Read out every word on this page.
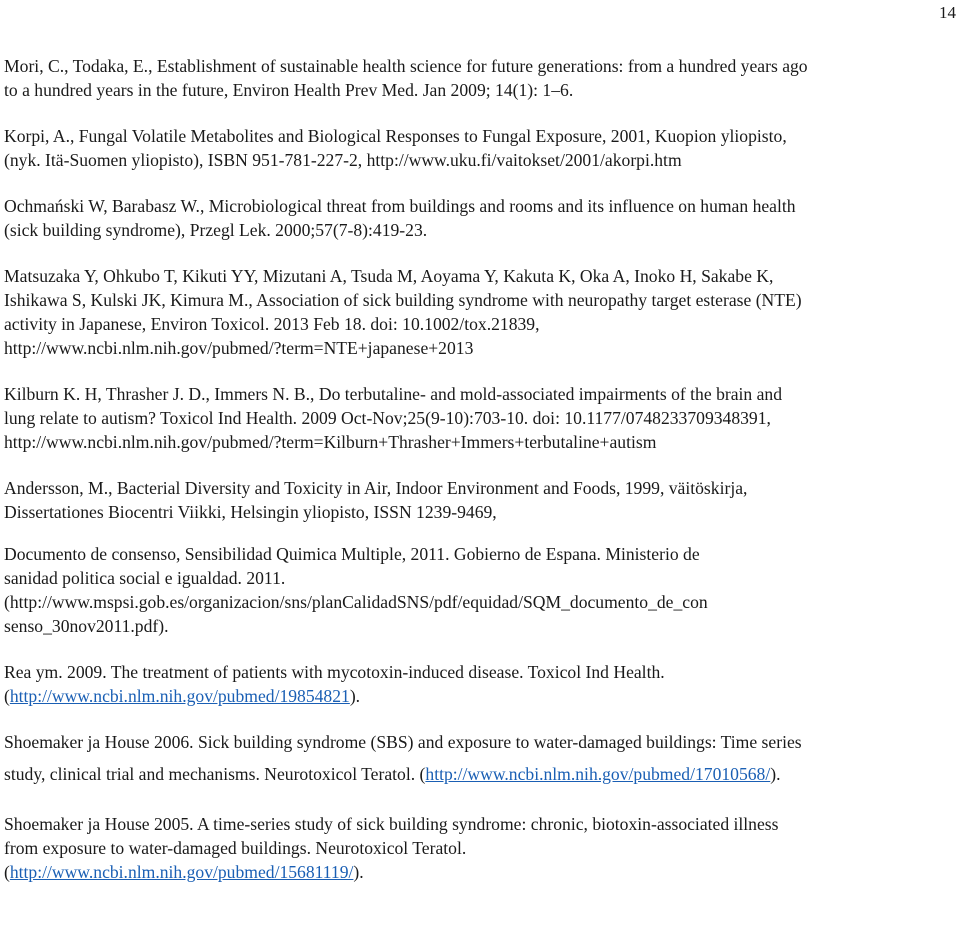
14

Mori, C., Todaka, E., Establishment of sustainable health science for future generations: from a hundred years ago
to a hundred years in the future, Environ Health Prev Med. Jan 2009; 14(1): 1–6.

Korpi, A., Fungal Volatile Metabolites and Biological Responses to Fungal Exposure, 2001, Kuopion yliopisto,
(nyk. Itä-Suomen yliopisto), ISBN 951-781-227-2, http://www.uku.fi/vaitokset/2001/akorpi.htm

Ochmański W, Barabasz W., Microbiological threat from buildings and rooms and its influence on human health
(sick building syndrome), Przegl Lek. 2000;57(7-8):419-23.

Matsuzaka Y, Ohkubo T, Kikuti YY, Mizutani A, Tsuda M, Aoyama Y, Kakuta K, Oka A, Inoko H, Sakabe K,
Ishikawa S, Kulski JK, Kimura M., Association of sick building syndrome with neuropathy target esterase (NTE)
activity in Japanese, Environ Toxicol. 2013 Feb 18. doi: 10.1002/tox.21839,
http://www.ncbi.nlm.nih.gov/pubmed/?term=NTE+japanese+2013

Kilburn K. H, Thrasher J. D., Immers N. B., Do terbutaline- and mold-associated impairments of the brain and
lung relate to autism? Toxicol Ind Health. 2009 Oct-Nov;25(9-10):703-10. doi: 10.1177/0748233709348391,
http://www.ncbi.nlm.nih.gov/pubmed/?term=Kilburn+Thrasher+Immers+terbutaline+autism

Andersson, M., Bacterial Diversity and Toxicity in Air, Indoor Environment and Foods, 1999, väitöskirja,
Dissertationes Biocentri Viikki, Helsingin yliopisto, ISSN 1239-9469,

Documento de consenso, Sensibilidad Quimica Multiple, 2011. Gobierno de Espana. Ministerio de
sanidad politica social e igualdad. 2011.
(http://www.mspsi.gob.es/organizacion/sns/planCalidadSNS/pdf/equidad/SQM_documento_de_con
senso_30nov2011.pdf).

Rea ym. 2009. The treatment of patients with mycotoxin-induced disease. Toxicol Ind Health.
(http://www.ncbi.nlm.nih.gov/pubmed/19854821).

Shoemaker ja House 2006. Sick building syndrome (SBS) and exposure to water-damaged buildings: Time series
study, clinical trial and mechanisms. Neurotoxicol Teratol. (http://www.ncbi.nlm.nih.gov/pubmed/17010568/).

Shoemaker ja House 2005. A time-series study of sick building syndrome: chronic, biotoxin-associated illness
from exposure to water-damaged buildings. Neurotoxicol Teratol.
(http://www.ncbi.nlm.nih.gov/pubmed/15681119/).
